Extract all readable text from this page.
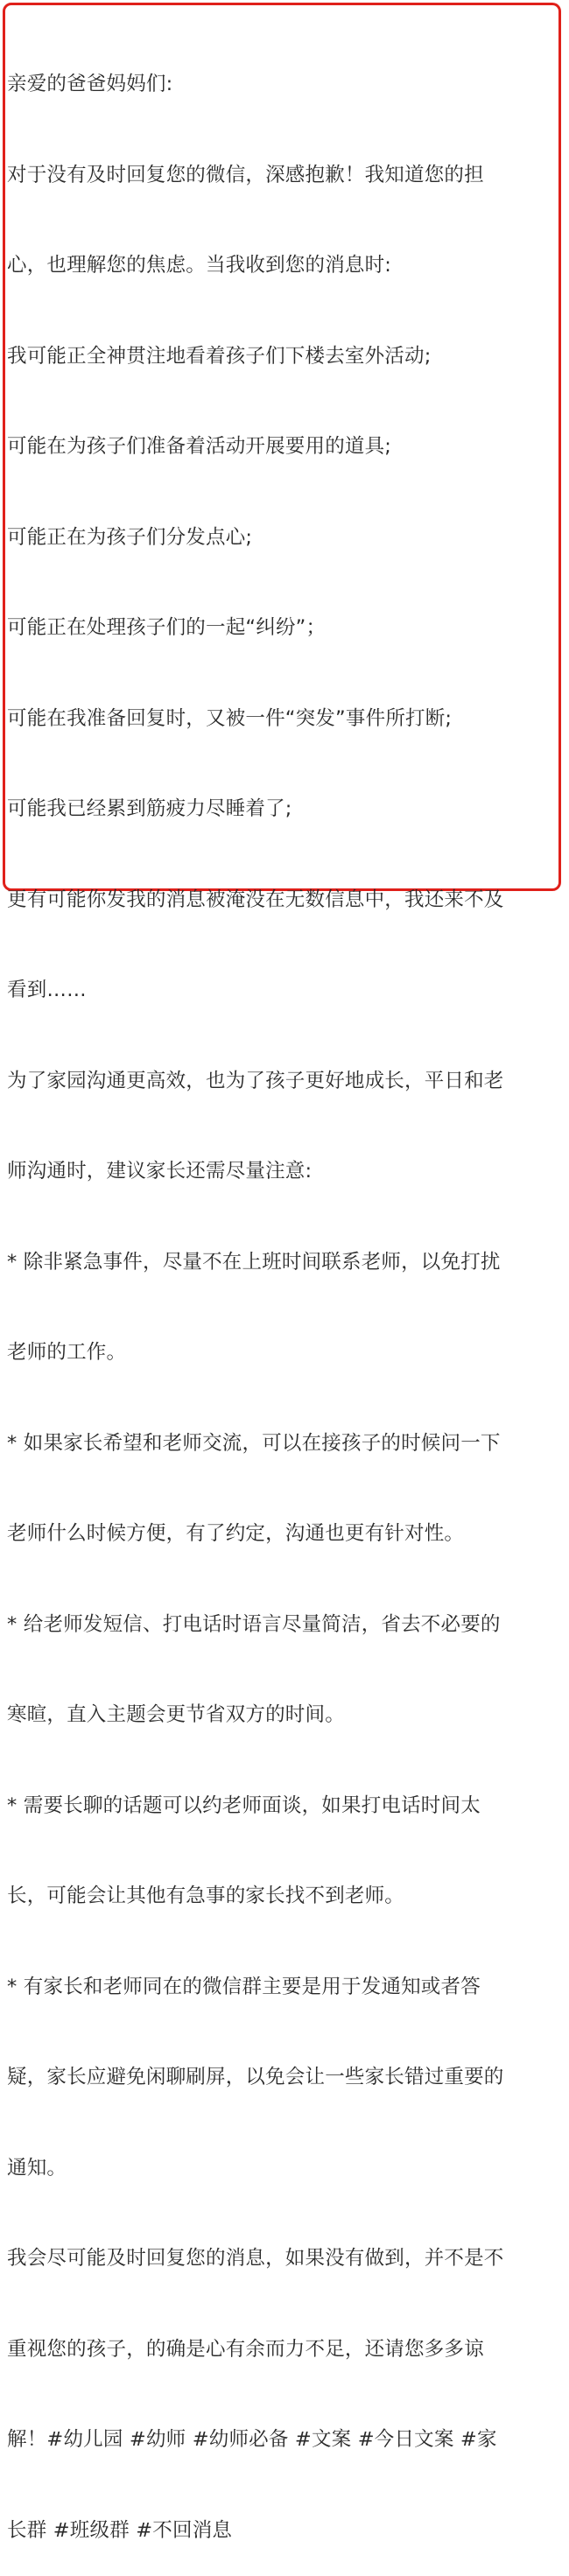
亲爱的爸爸妈妈们:

对于没有及时回复您的微信，深感抱歉！我知道您的担

心，也理解您的焦虑。当我收到您的消息时:

我可能正全神贯注地看着孩子们下楼去室外活动;

可能在为孩子们准备着活动开展要用的道具;

可能正在为孩子们分发点心;

可能正在处理孩子们的一起“纠纷”；

可能在我准备回复时，又被一件“突发”事件所打断;

可能我已经累到筋疲力尽睡着了;

更有可能你发我的消息被淹没在无数信息中，我还来不及

看到……

为了家园沟通更高效，也为了孩子更好地成长，平日和老

师沟通时，建议家长还需尽量注意:

* 除非紧急事件，尽量不在上班时间联系老师，以免打扰

老师的工作。

* 如果家长希望和老师交流，可以在接孩子的时候问一下

老师什么时候方便，有了约定，沟通也更有针对性。

* 给老师发短信、打电话时语言尽量简洁，省去不必要的

寒暄，直入主题会更节省双方的时间。

* 需要长聊的话题可以约老师面谈，如果打电话时间太

长，可能会让其他有急事的家长找不到老师。

* 有家长和老师同在的微信群主要是用于发通知或者答

疑，家长应避免闲聊刷屏，以免会让一些家长错过重要的

通知。

我会尽可能及时回复您的消息，如果没有做到，并不是不

重视您的孩子，的确是心有余而力不足，还请您多多谅

解！#幼儿园 #幼师 #幼师必备 #文案 #今日文案 #家

长群 #班级群 #不回消息
